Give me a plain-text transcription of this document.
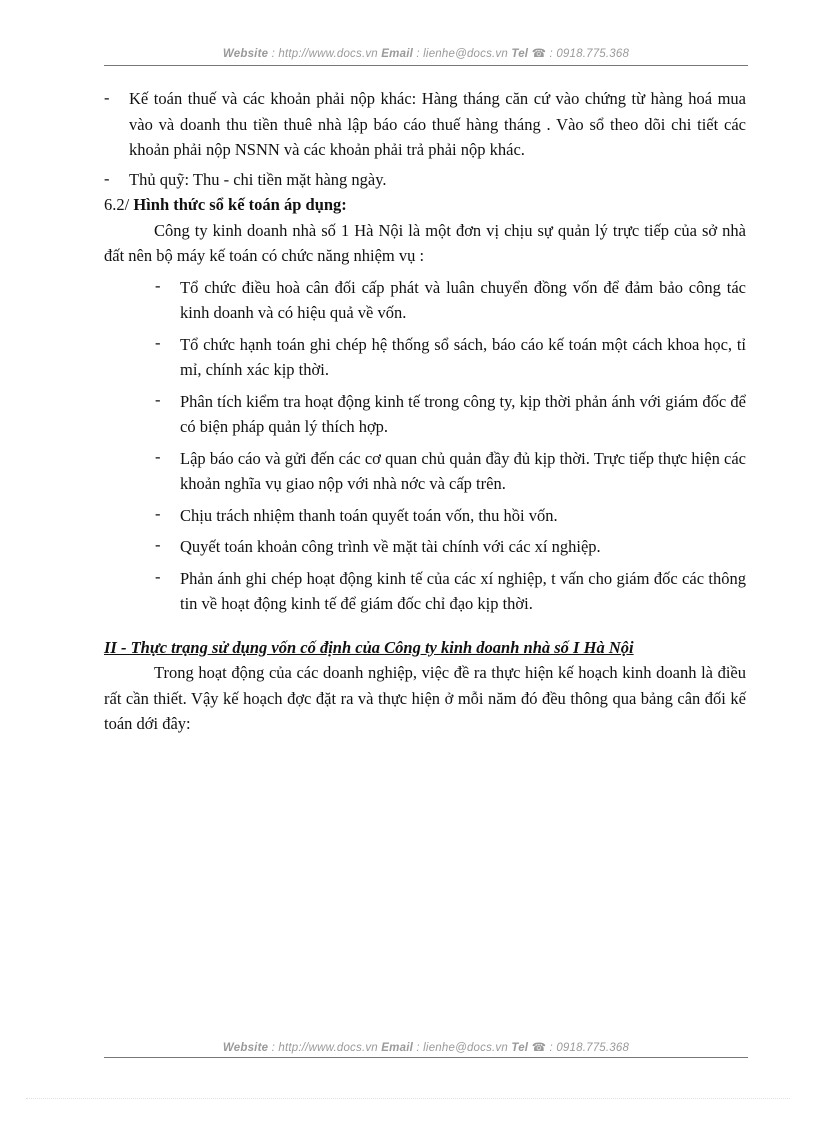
Website : http://www.docs.vn Email : lienhe@docs.vn Tel ☎ : 0918.775.368
- Kế toán thuế và các khoản phải nộp khác: Hàng tháng căn cứ vào chứng từ hàng hoá mua vào và doanh thu tiền thuê nhà lập báo cáo thuế hàng tháng . Vào sổ theo dõi chi tiết các khoản phải nộp NSNN và các khoản phải trả phải nộp khác.
- Thủ quỹ: Thu - chi tiền mặt hàng ngày.
6.2/ Hình thức sổ kế toán áp dụng:
Công ty kinh doanh nhà số 1 Hà Nội là một đơn vị chịu sự quản lý trực tiếp của sở nhà đất nên bộ máy kế toán có chức năng nhiệm vụ :
- Tổ chức điều hoà cân đối cấp phát và luân chuyển đồng vốn để đảm bảo công tác kinh doanh và có hiệu quả về vốn.
- Tổ chức hạnh toán ghi chép hệ thống sổ sách, báo cáo kế toán một cách khoa học, tỉ mỉ, chính xác kịp thời.
- Phân tích kiểm tra hoạt động kinh tế trong công ty, kịp thời phản ánh với giám đốc để có biện pháp quản lý thích hợp.
- Lập báo cáo và gửi đến các cơ quan chủ quản đầy đủ kịp thời. Trực tiếp thực hiện các khoản nghĩa vụ giao nộp với nhà nớc và cấp trên.
- Chịu trách nhiệm thanh toán quyết toán vốn, thu hồi vốn.
- Quyết toán khoản công trình về mặt tài chính với các xí nghiệp.
- Phản ánh ghi chép hoạt động kinh tế của các xí nghiệp, t vấn cho giám đốc các thông tin về hoạt động kinh tế để giám đốc chỉ đạo kịp thời.
II - Thực trạng sử dụng vốn cố định của Công ty kinh doanh nhà số I Hà Nội
Trong hoạt động của các doanh nghiệp, việc đề ra thực hiện kế hoạch kinh doanh là điều rất cần thiết. Vậy kế hoạch đợc đặt ra và thực hiện ở mỗi năm đó đều thông qua bảng cân đối kế toán dới đây:
Website : http://www.docs.vn Email : lienhe@docs.vn Tel ☎ : 0918.775.368
